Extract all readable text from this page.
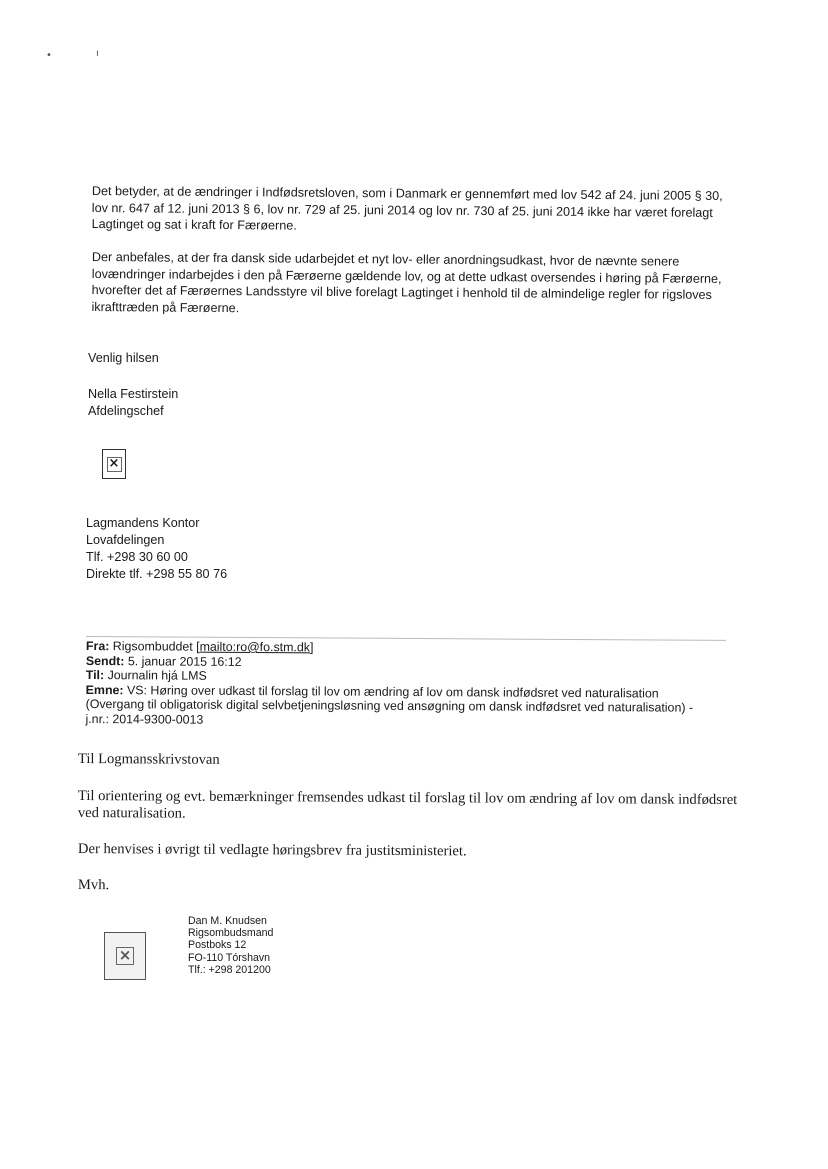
•	ı

Det betyder, at de ændringer i Indfødsretsloven, som i Danmark er gennemført med lov 542 af 24. juni 2005 § 30, lov nr. 647 af 12. juni 2013 § 6, lov nr. 729 af 25. juni 2014 og lov nr. 730 af 25. juni 2014 ikke har været forelagt Lagtinget og sat i kraft for Færøerne.

Der anbefales, at der fra dansk side udarbejdet et nyt lov- eller anordningsudkast, hvor de nævnte senere lovændringer indarbejdes i den på Færøerne gældende lov, og at dette udkast oversendes i høring på Færøerne, hvorefter det af Færøernes Landsstyre vil blive forelagt Lagtinget i henhold til de almindelige regler for rigsloves ikrafttræden på Færøerne.

Venlig hilsen
Nella Festirstein
Afdelingschef
×
Lagmandens Kontor
Lovafdelingen
Tlf. +298 30 60 00
Direkte tlf. +298 55 80 76
Fra: Rigsombuddet [mailto:ro@fo.stm.dk]
Sendt: 5. januar 2015 16:12
Til: Journalin hjá LMS
Emne: VS: Høring over udkast til forslag til lov om ændring af lov om dansk indfødsret ved naturalisation
(Overgang til obligatorisk digital selvbetjeningsløsning ved ansøgning om dansk indfødsret ved naturalisation) -
j.nr.: 2014-9300-0013

Til Logmansskrivstovan

Til orientering og evt. bemærkninger fremsendes udkast til forslag til lov om ændring af lov om dansk indfødsret ved naturalisation.

Der henvises i øvrigt til vedlagte høringsbrev fra justitsministeriet.

Mvh.

×
Dan M. Knudsen
Rigsombudsmand
Postboks 12
FO-110 Tórshavn
Tlf.: +298 201200
